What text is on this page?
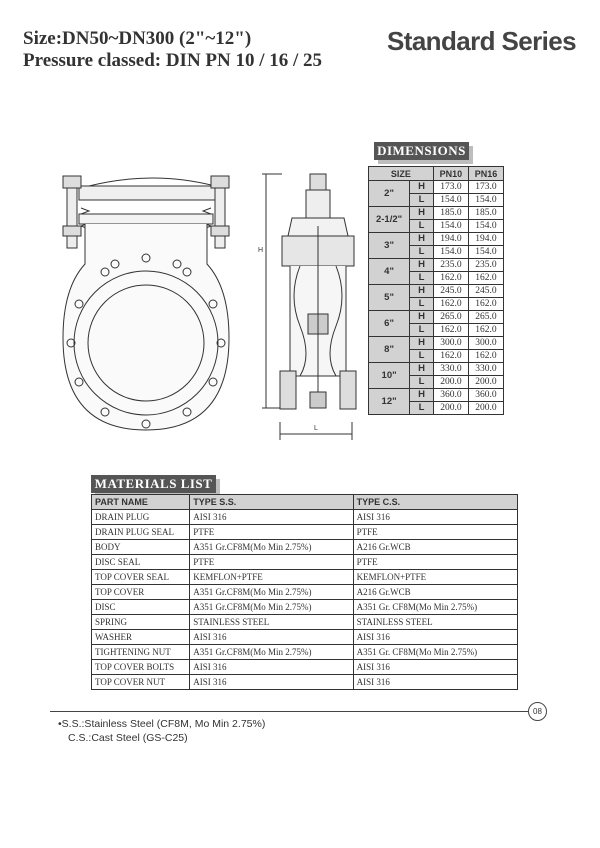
Size:DN50~DN300 (2"~12")
Pressure classed: DIN PN 10 / 16 / 25
Standard Series
H
L
DIMENSIONS
SIZE		PN10	PN16
2"	H	173.0	173.0
	L	154.0	154.0
2-1/2"	H	185.0	185.0
	L	154.0	154.0
3"	H	194.0	194.0
	L	154.0	154.0
4"	H	235.0	235.0
	L	162.0	162.0
5"	H	245.0	245.0
	L	162.0	162.0
6"	H	265.0	265.0
	L	162.0	162.0
8"	H	300.0	300.0
	L	162.0	162.0
10"	H	330.0	330.0
	L	200.0	200.0
12"	H	360.0	360.0
	L	200.0	200.0
MATERIALS LIST
PART NAME	TYPE S.S.	TYPE C.S.
DRAIN PLUG	AISI 316	AISI 316
DRAIN PLUG SEAL	PTFE	PTFE
BODY	A351 Gr.CF8M(Mo Min 2.75%)	A216 Gr.WCB
DISC SEAL	PTFE	PTFE
TOP COVER SEAL	KEMFLON+PTFE	KEMFLON+PTFE
TOP COVER	A351 Gr.CF8M(Mo Min 2.75%)	A216 Gr.WCB
DISC	A351 Gr.CF8M(Mo Min 2.75%)	A351 Gr. CF8M(Mo Min 2.75%)
SPRING	STAINLESS STEEL	STAINLESS STEEL
WASHER	AISI 316	AISI 316
TIGHTENING NUT	A351 Gr.CF8M(Mo Min 2.75%)	A351 Gr. CF8M(Mo Min 2.75%)
TOP COVER BOLTS	AISI 316	AISI 316
TOP COVER NUT	AISI 316	AISI 316
08
•S.S.:Stainless Steel (CF8M, Mo Min 2.75%)
C.S.:Cast Steel (GS-C25)
